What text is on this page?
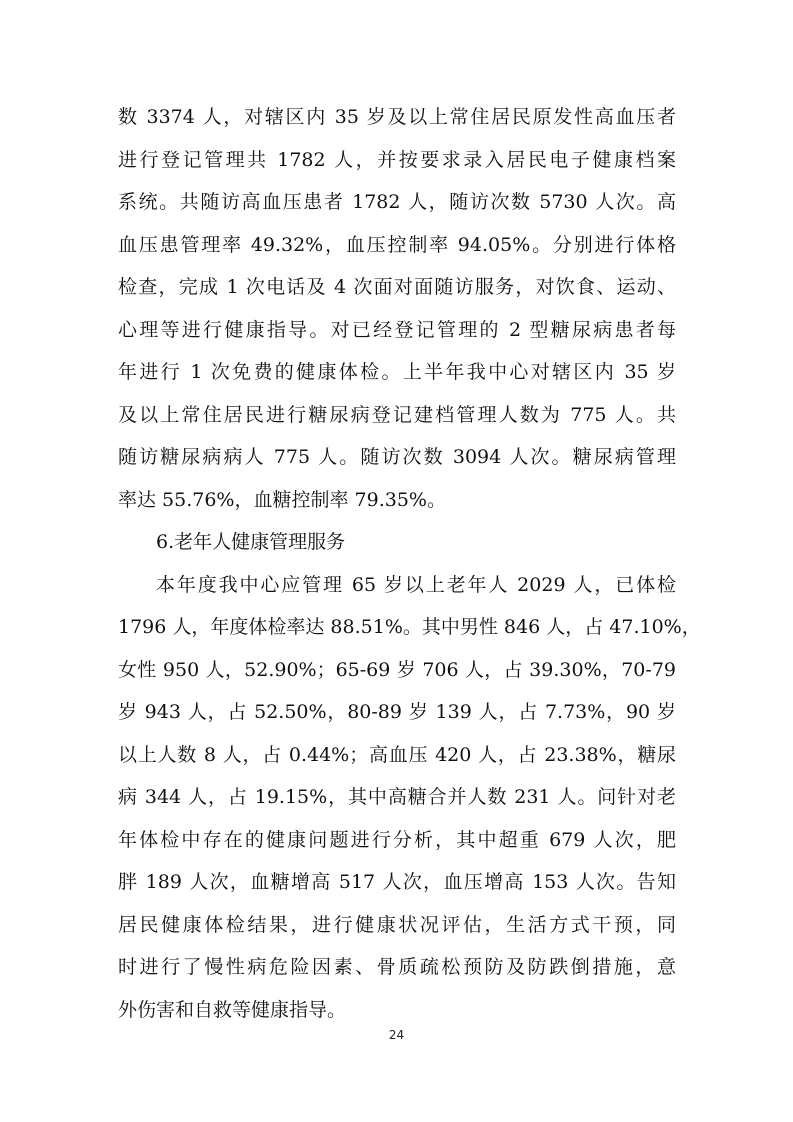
数 3374 人，对辖区内 35 岁及以上常住居民原发性高血压者
进行登记管理共 1782 人，并按要求录入居民电子健康档案
系统。共随访高血压患者 1782 人，随访次数 5730 人次。高
血压患管理率 49.32%，血压控制率 94.05%。分别进行体格
检查，完成 1 次电话及 4 次面对面随访服务，对饮食、运动、
心理等进行健康指导。对已经登记管理的 2 型糖尿病患者每
年进行 1 次免费的健康体检。上半年我中心对辖区内 35 岁
及以上常住居民进行糖尿病登记建档管理人数为 775 人。共
随访糖尿病病人 775 人。随访次数 3094 人次。糖尿病管理
率达 55.76%，血糖控制率 79.35%。
6.老年人健康管理服务
本年度我中心应管理 65 岁以上老年人 2029 人，已体检
1796 人，年度体检率达 88.51%。其中男性 846 人，占 47.10%，
女性 950 人，52.90%；65-69 岁 706 人，占 39.30%，70-79
岁 943 人，占 52.50%，80-89 岁 139 人，占 7.73%，90 岁
以上人数 8 人，占 0.44%；高血压 420 人，占 23.38%，糖尿
病 344 人，占 19.15%，其中高糖合并人数 231 人。问针对老
年体检中存在的健康问题进行分析，其中超重 679 人次，肥
胖 189 人次，血糖增高 517 人次，血压增高 153 人次。告知
居民健康体检结果，进行健康状况评估，生活方式干预，同
时进行了慢性病危险因素、骨质疏松预防及防跌倒措施，意
外伤害和自救等健康指导。
24
